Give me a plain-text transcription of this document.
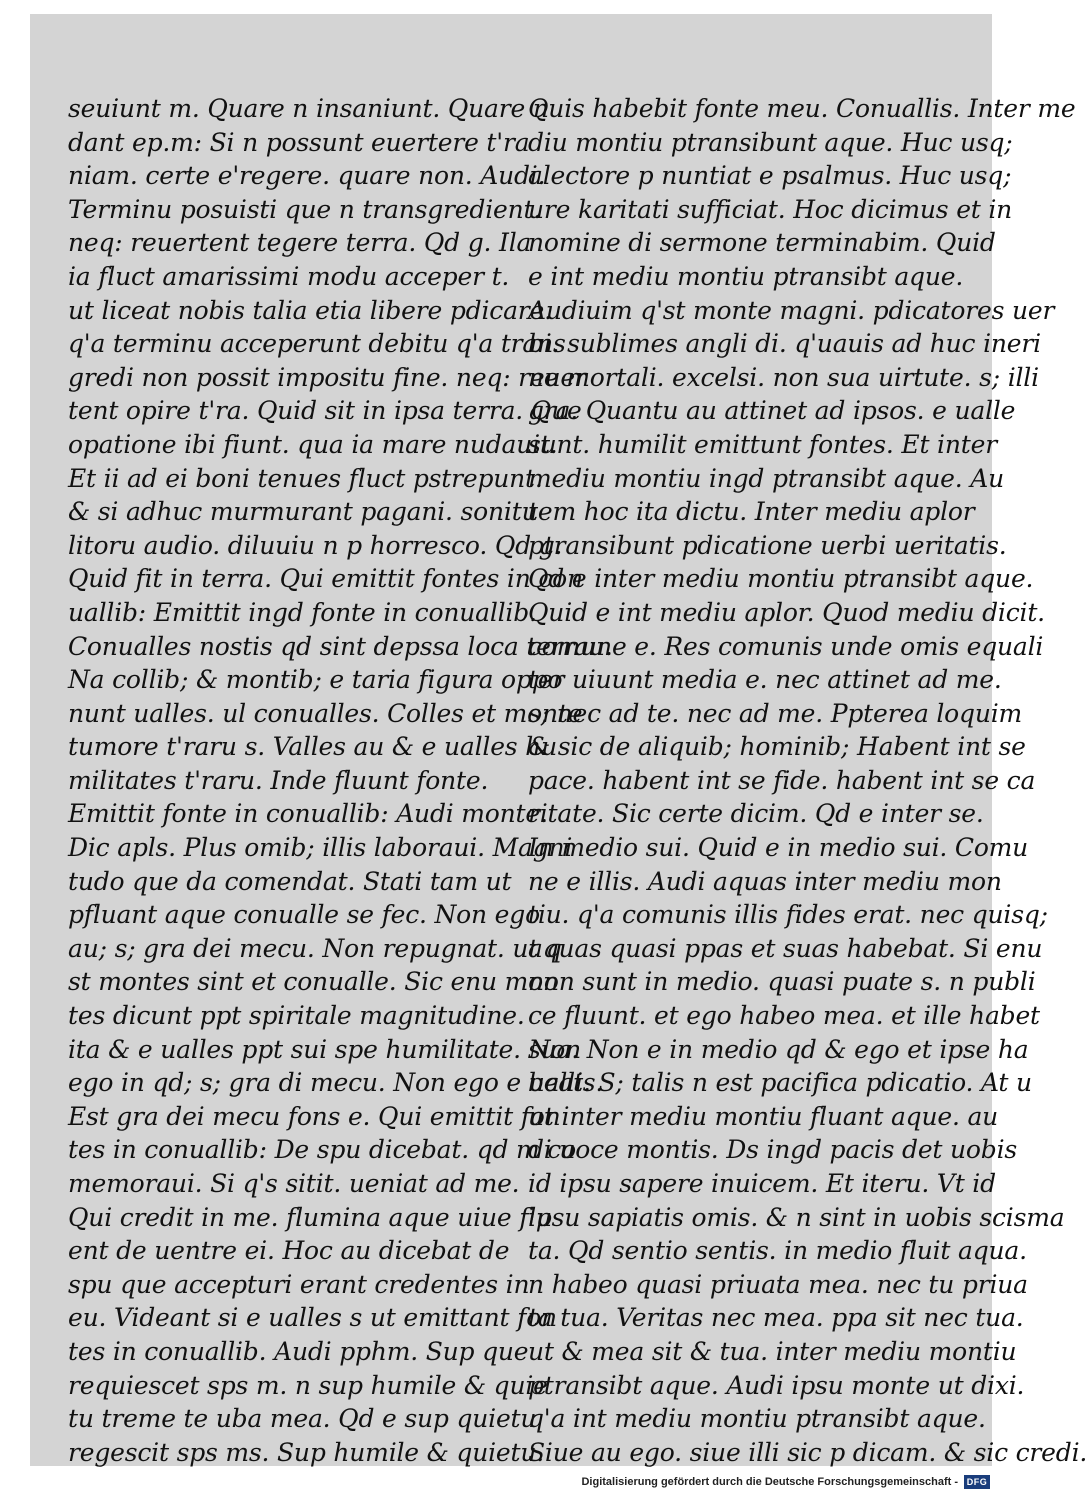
seuiunt m. Quare n insaniunt. Quare n
dant ep.m: Si n possunt euertere t'ra
niam. certe e'regere. quare non. Audi.
Terminu posuisti que n transgredient.
neq: reuertent tegere terra. Qd g. Ila
ia fluct amarissimi modu acceper t.
ut liceat nobis talia etia libere pdicare.
q'a terminu acceperunt debitu q'a trans
gredi non possit impositu fine. neq: reuer
tent opire t'ra. Quid sit in ipsa terra. Que
opatione ibi fiunt. qua ia mare nudauit.
Et ii ad ei boni tenues fluct pstrepunt.
& si adhuc murmurant pagani. sonitu
litoru audio. diluuiu n p horresco. Qd g.
Quid fit in terra. Qui emittit fontes in con
uallib: Emittit ingd fonte in conuallib.
Conualles nostis qd sint depssa loca terrau.
Na collib; & montib; e taria figura oppo
nunt ualles. ul conualles. Colles et monte
tumore t'raru s. Valles au & e ualles hu
militates t'raru. Inde fluunt fonte.
Emittit fonte in conuallib: Audi monte.
Dic apls. Plus omib; illis laboraui. Magni
tudo que da comendat. Stati tam ut
pfluant aque conualle se fec. Non ego
au; s; gra dei mecu. Non repugnat. ut q
st montes sint et conualle. Sic enu mon
tes dicunt ppt spiritale magnitudine.
ita & e ualles ppt sui spe humilitate. Non
ego in qd; s; gra di mecu. Non ego e uallis.
Est gra dei mecu fons e. Qui emittit fon
tes in conuallib: De spu dicebat. qd m co
memoraui. Si q's sitit. ueniat ad me.
Qui credit in me. flumina aque uiue flu
ent de uentre ei. Hoc au dicebat de
spu que accepturi erant credentes in
eu. Videant si e ualles s ut emittant fon
tes in conuallib. Audi pphm. Sup que
requiescet sps m. n sup humile & quie
tu treme te uba mea. Qd e sup quietu
regescit sps ms. Sup humile & quietu.
Quis habebit fonte meu. Conuallis. Inter me
diu montiu ptransibunt aque. Huc usq;
alectore p nuntiat e psalmus. Huc usq;
ure karitati sufficiat. Hoc dicimus et in
nomine di sermone terminabim. Quid
e int mediu montiu ptransibt aque.
Audiuim q'st monte magni. pdicatores uer
bi. sublimes angli di. q'uauis ad huc ineri
ne mortali. excelsi. non sua uirtute. s; illi
gra. Quantu au attinet ad ipsos. e ualle
sunt. humilit emittunt fontes. Et inter
mediu montiu ingd ptransibt aque. Au
tem hoc ita dictu. Inter mediu aplor
ptransibunt pdicatione uerbi ueritatis.
Qd e inter mediu montiu ptransibt aque.
Quid e int mediu aplor. Quod mediu dicit.
comune e. Res comunis unde omis equali
ter uiuunt media e. nec attinet ad me.
s; nec ad te. nec ad me. Ppterea loquim
& sic de aliquib; hominib; Habent int se
pace. habent int se fide. habent int se ca
ritate. Sic certe dicim. Qd e inter se.
In medio sui. Quid e in medio sui. Comu
ne e illis. Audi aquas inter mediu mon
tiu. q'a comunis illis fides erat. nec quisq;
aquas quasi ppas et suas habebat. Si enu
non sunt in medio. quasi puate s. n publi
ce fluunt. et ego habeo mea. et ille habet
sua. Non e in medio qd & ego et ipse ha
beat. S; talis n est pacifica pdicatio. At u
ut inter mediu montiu fluant aque. au
di uoce montis. Ds ingd pacis det uobis
id ipsu sapere inuicem. Et iteru. Vt id
ipsu sapiatis omis. & n sint in uobis scisma
ta. Qd sentio sentis. in medio fluit aqua.
n habeo quasi priuata mea. nec tu priua
ta tua. Veritas nec mea. ppa sit nec tua.
ut & mea sit & tua. inter mediu montiu
ptransibt aque. Audi ipsu monte ut dixi.
q'a int mediu montiu ptransibt aque.
Siue au ego. siue illi sic p dicam. & sic credi.
Digitalisierung gefördert durch die Deutsche Forschungsgemeinschaft - DFG
